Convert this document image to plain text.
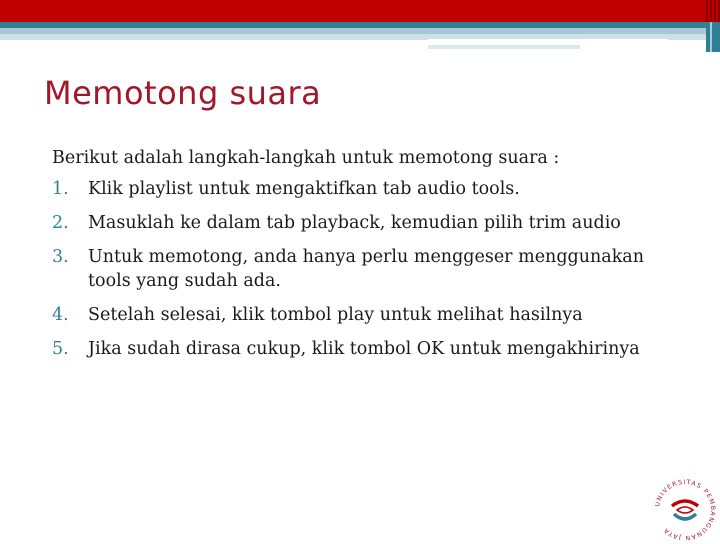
Memotong suara

Berikut adalah langkah-langkah untuk memotong suara :

1. Klik playlist untuk mengaktifkan tab audio tools.
2. Masuklah ke dalam tab playback, kemudian pilih trim audio
3. Untuk memotong, anda hanya perlu menggeser menggunakan tools yang sudah ada.
4. Setelah selesai, klik tombol play untuk melihat hasilnya
5. Jika sudah dirasa cukup, klik tombol OK untuk mengakhirinya
UNIVERSITAS PEMBANGUNAN JAYA
